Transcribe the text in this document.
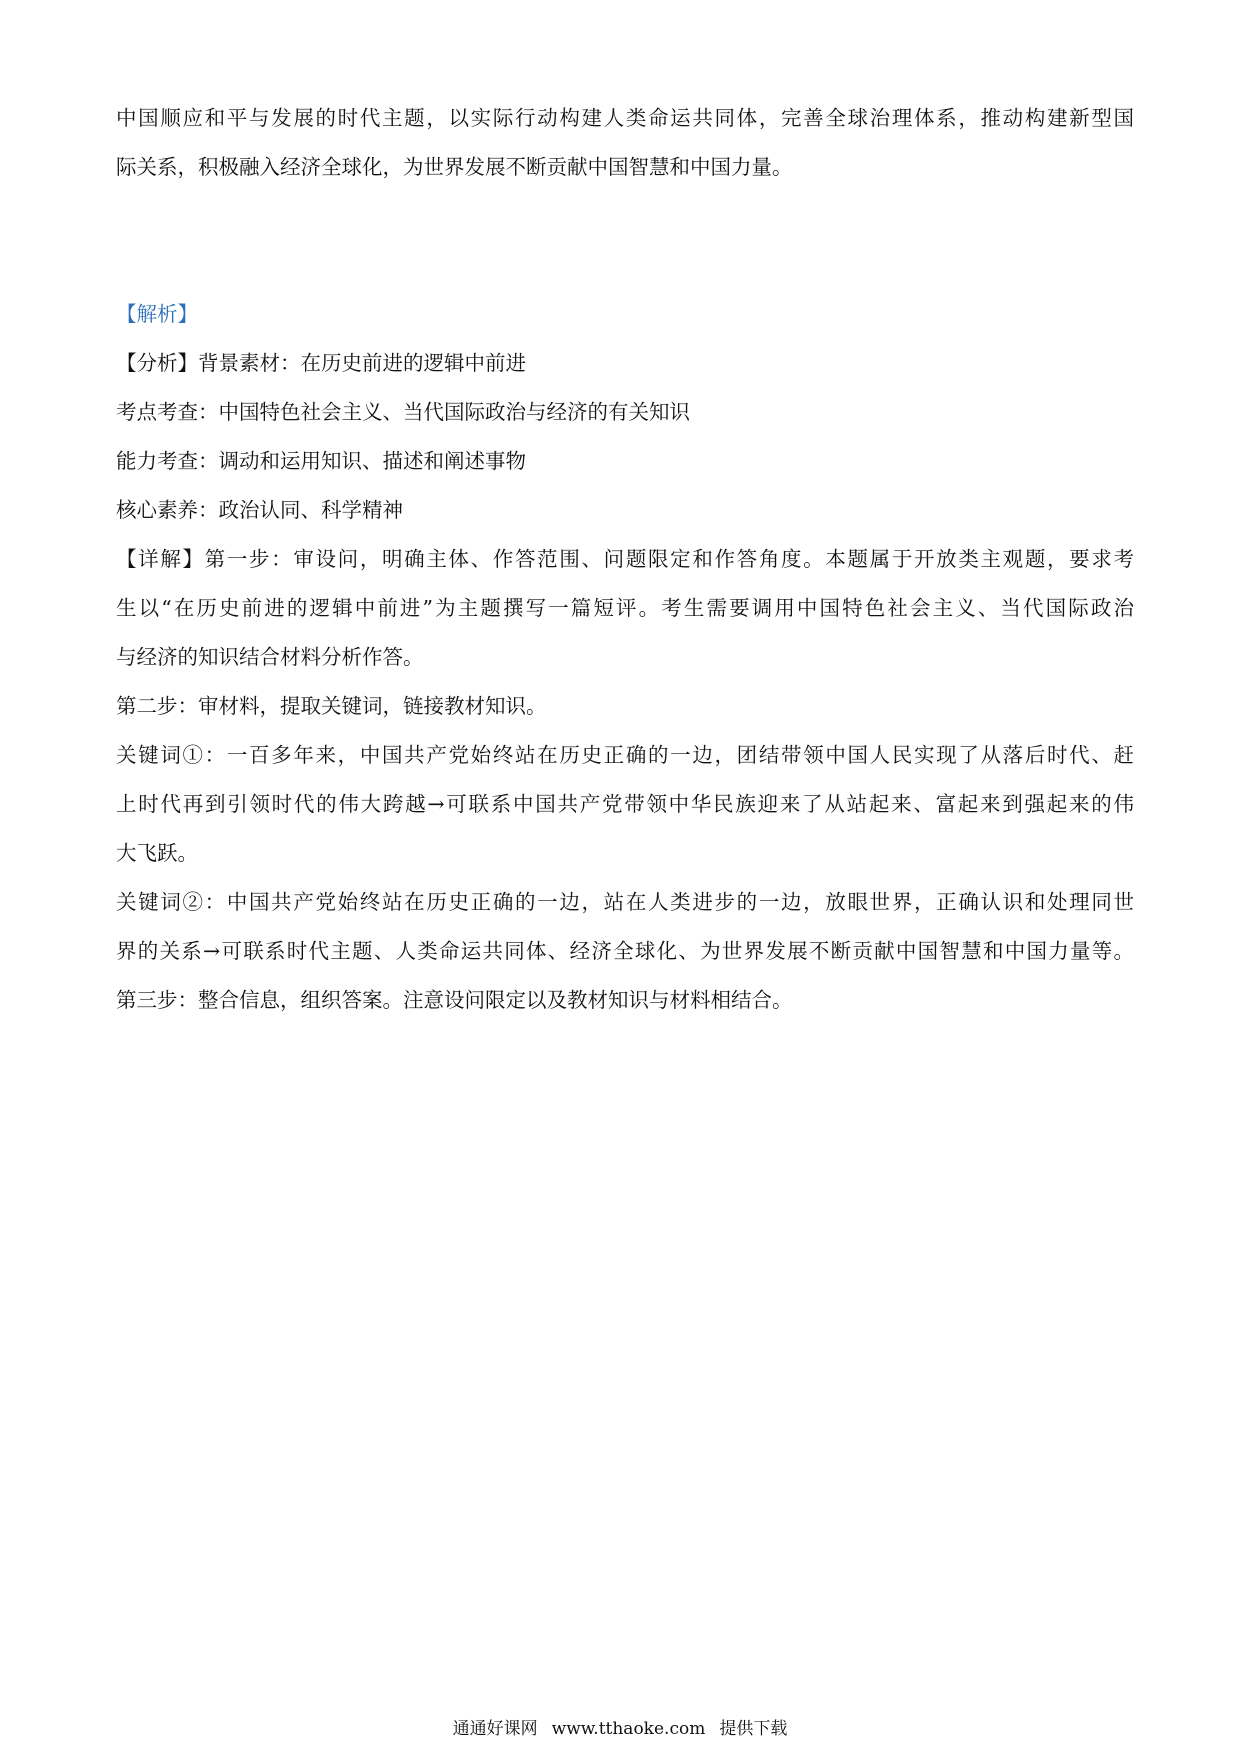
中国顺应和平与发展的时代主题，以实际行动构建人类命运共同体，完善全球治理体系，推动构建新型国
际关系，积极融入经济全球化，为世界发展不断贡献中国智慧和中国力量。
【解析】
【分析】背景素材：在历史前进的逻辑中前进
考点考查：中国特色社会主义、当代国际政治与经济的有关知识
能力考查：调动和运用知识、描述和阐述事物
核心素养：政治认同、科学精神
【详解】第一步：审设问，明确主体、作答范围、问题限定和作答角度。本题属于开放类主观题，要求考
生以“在历史前进的逻辑中前进”为主题撰写一篇短评。考生需要调用中国特色社会主义、当代国际政治
与经济的知识结合材料分析作答。
第二步：审材料，提取关键词，链接教材知识。
关键词①：一百多年来，中国共产党始终站在历史正确的一边，团结带领中国人民实现了从落后时代、赶
上时代再到引领时代的伟大跨越→可联系中国共产党带领中华民族迎来了从站起来、富起来到强起来的伟
大飞跃。
关键词②：中国共产党始终站在历史正确的一边，站在人类进步的一边，放眼世界，正确认识和处理同世
界的关系→可联系时代主题、人类命运共同体、经济全球化、为世界发展不断贡献中国智慧和中国力量等。
第三步：整合信息，组织答案。注意设问限定以及教材知识与材料相结合。
通通好课网 www.tthaoke.com 提供下载
